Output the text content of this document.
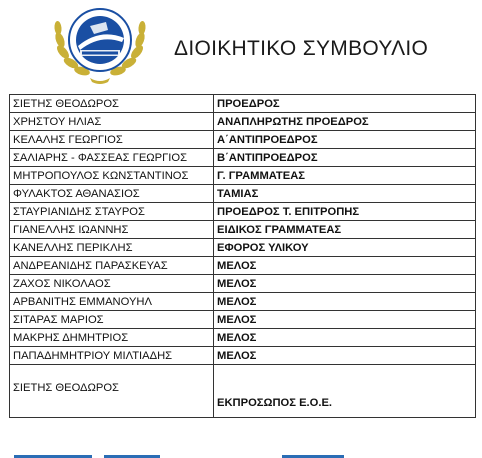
ΔΙΟΙΚΗΤΙΚΟ ΣΥΜΒΟΥΛΙΟ
ΣΙΕΤΗΣ ΘΕΟΔΩΡΟΣ	ΠΡΟΕΔΡΟΣ
ΧΡΗΣΤΟΥ ΗΛΙΑΣ	ΑΝΑΠΛΗΡΩΤΗΣ ΠΡΟΕΔΡΟΣ
ΚΕΛΑΛΗΣ ΓΕΩΡΓΙΟΣ	Α΄ΑΝΤΙΠΡΟΕΔΡΟΣ
ΣΑΛΙΑΡΗΣ - ΦΑΣΣΕΑΣ ΓΕΩΡΓΙΟΣ	Β΄ΑΝΤΙΠΡΟΕΔΡΟΣ
ΜΗΤΡΟΠΟΥΛΟΣ ΚΩΝΣΤΑΝΤΙΝΟΣ	Γ. ΓΡΑΜΜΑΤΕΑΣ
ΦΥΛΑΚΤΟΣ ΑΘΑΝΑΣΙΟΣ	ΤΑΜΙΑΣ
ΣΤΑΥΡΙΑΝΙΔΗΣ ΣΤΑΥΡΟΣ	ΠΡΟΕΔΡΟΣ Τ. ΕΠΙΤΡΟΠΗΣ
ΓΙΑΝΕΛΛΗΣ ΙΩΑΝΝΗΣ	ΕΙΔΙΚΟΣ ΓΡΑΜΜΑΤΕΑΣ
ΚΑΝΕΛΛΗΣ ΠΕΡΙΚΛΗΣ	ΕΦΟΡΟΣ ΥΛΙΚΟΥ
ΑΝΔΡΕΑΝΙΔΗΣ ΠΑΡΑΣΚΕΥΑΣ	ΜΕΛΟΣ
ΖΑΧΟΣ ΝΙΚΟΛΑΟΣ	ΜΕΛΟΣ
ΑΡΒΑΝΙΤΗΣ ΕΜΜΑΝΟΥΗΛ	ΜΕΛΟΣ
ΣΙΤΑΡΑΣ ΜΑΡΙΟΣ	ΜΕΛΟΣ
ΜΑΚΡΗΣ ΔΗΜΗΤΡΙΟΣ	ΜΕΛΟΣ
ΠΑΠΑΔΗΜΗΤΡΙΟΥ ΜΙΛΤΙΑΔΗΣ	ΜΕΛΟΣ
ΣΙΕΤΗΣ ΘΕΟΔΩΡΟΣ	ΕΚΠΡΟΣΩΠΟΣ Ε.Ο.Ε.
